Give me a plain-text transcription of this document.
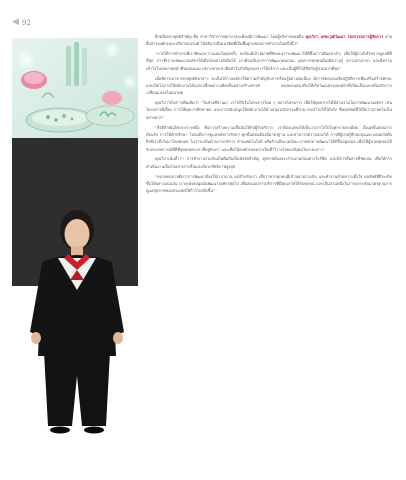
◀ 92

อีกหนึ่งกลวยุทธ์สำคัญ คือ สาขาวิชาการพยาบาลจะต้องมีการพัฒนา โดยผู้บริหารคนหนึ่ง คุณวิภา เตชะวุฒิวัฒนา รองกรรมการผู้จัดการ ฝ่ายสื่อสารองค์กรและบริหารแบรนด์ ได้อธิบายถึงแนวคิดที่เป็นพื้นฐานของการทำงานในครั้งนี้ว่า

“ภายใต้การทำงานที่เราคิดและวางแผนในทุกครั้ง จะต้องมีเป้าหมายที่ชัดเจนว่าจะพัฒนาให้ดีขึ้นกว่าเดิมอย่างไร เพื่อให้ผู้ป่วยได้รับการดูแลที่ดีที่สุด การที่เราจะพัฒนาองค์กรให้เติบโตอย่างยั่งยืนได้ เราต้องเริ่มจากการพัฒนาคนก่อน บุคลากรทุกคนต้องมีความรู้ ความสามารถ และมีความเข้าใจในบทบาทหน้าที่ของตนเอง เพราะพวกเขาคือหัวใจสำคัญของการให้บริการ และเป็นผู้ที่ใกล้ชิดกับผู้ป่วยมากที่สุด”

เมื่อพิจารณาจากกลยุทธ์ดังกล่าว จะเห็นได้ว่าองค์กรให้ความสำคัญกับการเรียนรู้อย่างต่อเนื่อง มีการจัดอบรมเชิงปฏิบัติการเพื่อเสริมสร้างทักษะ และเปิดโอกาสให้พนักงานได้แลกเปลี่ยนความคิดเห็นอย่างสร้างสรรค์ ตลอดจนส่งเสริมให้เกิดวัฒนธรรมองค์กรที่เข้มแข็งและพร้อมรับการเปลี่ยนแปลงในอนาคต

คุณวิภาได้กล่าวเพิ่มเติมว่า “ในช่วงที่ผ่านมา เราได้ริเริ่มโครงการใหม่ ๆ หลายโครงการ เพื่อให้บุคลากรได้มีส่วนร่วมในการพัฒนาองค์กร เช่น โครงการพี่เลี้ยง การให้ทุนการศึกษาต่อ และการสนับสนุนให้พนักงานได้นำเสนอนวัตกรรมที่สามารถนำไปใช้ได้จริง ซึ่งผลลัพธ์ที่ได้ถือว่าน่าพอใจเป็นอย่างมาก”

“สิ่งที่สำคัญอีกประการหนึ่ง คือการสร้างความเชื่อมั่นให้กับผู้รับบริการ เราต้องแสดงให้เห็นว่าเราใส่ใจในทุกรายละเอียด ตั้งแต่ขั้นตอนการต้อนรับ การให้คำปรึกษา ไปจนถึงการดูแลหลังการรักษา ทุกขั้นตอนต้องมีมาตรฐาน และสามารถตรวจสอบได้ การที่ผู้ป่วยรู้สึกอบอุ่นและปลอดภัยคือสิ่งที่เราตั้งใจมาโดยตลอด ไม่ว่าจะเป็นด้านการบริการ ด้านเทคโนโลยี หรือด้านสิ่งแวดล้อม เราพยายามพัฒนาให้ดีขึ้นอยู่เสมอ เพื่อให้ผู้ป่วยทุกคนได้รับประสบการณ์ที่ดีที่สุดตลอดเวลาที่อยู่กับเรา และเพื่อให้องค์กรของเราเป็นที่ไว้วางใจของสังคมในระยะยาว”

คุณวิภาเน้นย้ำว่า การทำงานร่วมกันเป็นทีมถือเป็นปัจจัยสำคัญ ทุกฝ่ายต้องประสานงานกันอย่างใกล้ชิด และมีการสื่อสารที่ชัดเจน เพื่อให้การดำเนินงานเป็นไปอย่างราบรื่นและมีประสิทธิภาพสูงสุด

“หลายคนอาจคิดว่าการพัฒนาต้องใช้เวลานาน แต่สำหรับเรา เชื่อว่าหากทุกคนมีเป้าหมายร่วมกัน และทำงานด้วยความตั้งใจ ผลลัพธ์ที่ดีจะเกิดขึ้นได้อย่างแน่นอน เราจะยังคงมุ่งมั่นพัฒนาองค์กรต่อไป เพื่อส่งมอบการบริการที่มีคุณภาพให้กับทุกคน และเป็นส่วนหนึ่งในการยกระดับมาตรฐานการดูแลสุขภาพของประเทศให้ก้าวไกลยิ่งขึ้น”
